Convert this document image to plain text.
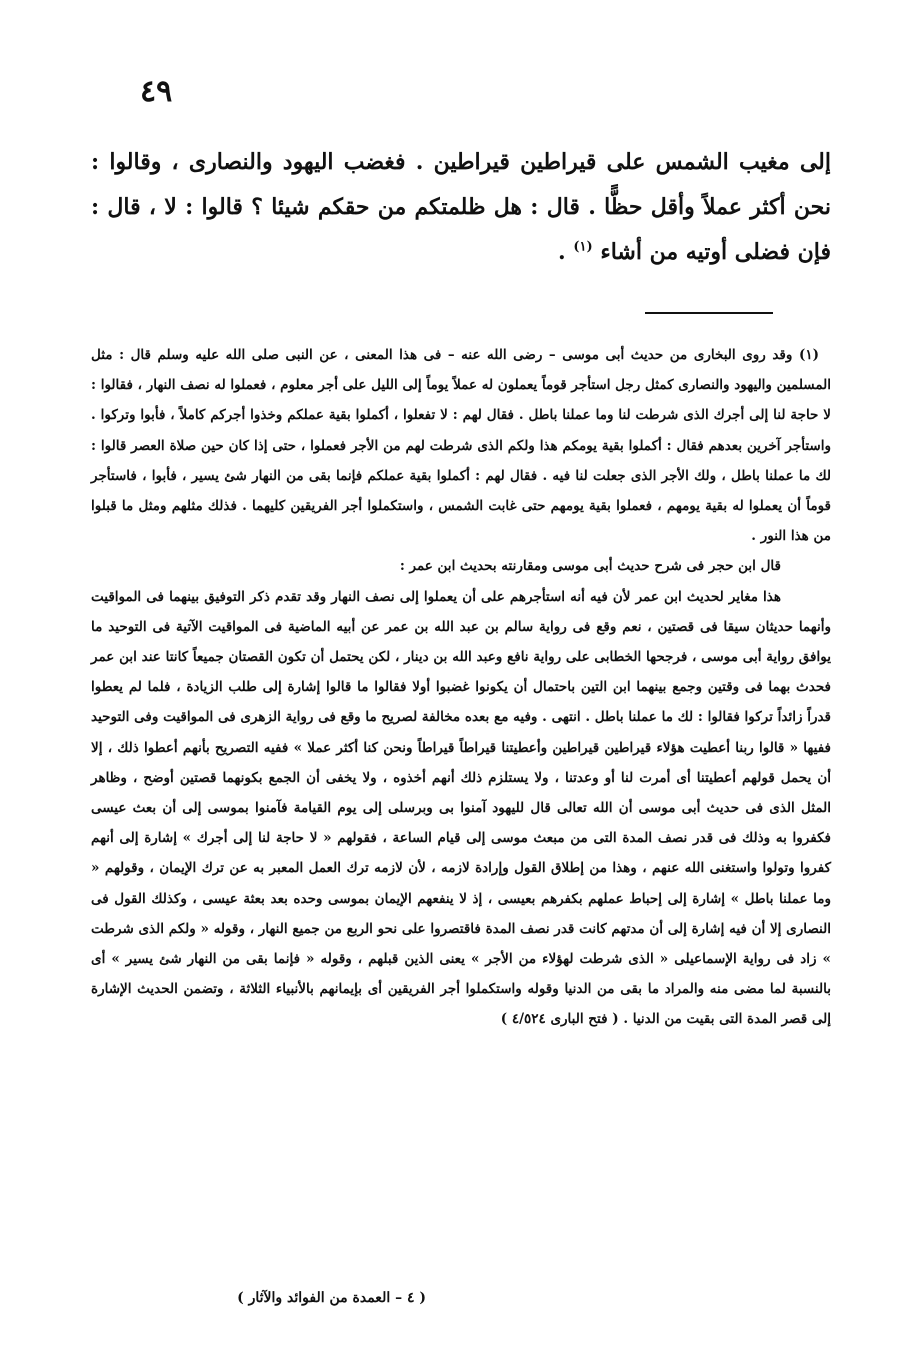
٤٩

إلى مغيب الشمس على قيراطين قيراطين . فغضب اليهود والنصارى ، وقالوا : نحن أكثر عملاً وأقل حظًّا . قال : هل ظلمتكم من حقكم شيئا ؟ قالوا : لا ، قال : فإن فضلى أوتيه من أشاء $^{(١)}$ .

(١) وقد روى البخارى من حديث أبى موسى – رضى الله عنه – فى هذا المعنى ، عن النبى صلى الله عليه وسلم قال : مثل المسلمين واليهود والنصارى كمثل رجل استأجر قوماً يعملون له عملاً يوماً إلى الليل على أجر معلوم ، فعملوا له نصف النهار ، فقالوا : لا حاجة لنا إلى أجرك الذى شرطت لنا وما عملنا باطل . فقال لهم : لا تفعلوا ، أكملوا بقية عملكم وخذوا أجركم كاملاً ، فأبوا وتركوا . واستأجر آخرين بعدهم فقال : أكملوا بقية يومكم هذا ولكم الذى شرطت لهم من الأجر فعملوا ، حتى إذا كان حين صلاة العصر قالوا : لك ما عملنا باطل ، ولك الأجر الذى جعلت لنا فيه . فقال لهم : أكملوا بقية عملكم فإنما بقى من النهار شئ يسير ، فأبوا ، فاستأجر قوماً أن يعملوا له بقية يومهم ، فعملوا بقية يومهم حتى غابت الشمس ، واستكملوا أجر الفريقين كليهما . فذلك مثلهم ومثل ما قبلوا من هذا النور .

قال ابن حجر فى شرح حديث أبى موسى ومقارنته بحديث ابن عمر :

هذا مغاير لحديث ابن عمر لأن فيه أنه استأجرهم على أن يعملوا إلى نصف النهار وقد تقدم ذكر التوفيق بينهما فى المواقيت وأنهما حديثان سيقا فى قصتين ، نعم وقع فى رواية سالم بن عبد الله بن عمر عن أبيه الماضية فى المواقيت الآتية فى التوحيد ما يوافق رواية أبى موسى ، فرجحها الخطابى على رواية نافع وعبد الله بن دينار ، لكن يحتمل أن تكون القصتان جميعاً كانتا عند ابن عمر فحدث بهما فى وقتين وجمع بينهما ابن التين باحتمال أن يكونوا غضبوا أولا فقالوا ما قالوا إشارة إلى طلب الزيادة ، فلما لم يعطوا قدراً زائداً تركوا فقالوا : لك ما عملنا باطل . انتهى . وفيه مع بعده مخالفة لصريح ما وقع فى رواية الزهرى فى المواقيت وفى التوحيد ففيها « قالوا ربنا أعطيت هؤلاء قيراطين قيراطين وأعطيتنا قيراطاً قيراطاً ونحن كنا أكثر عملا » ففيه التصريح بأنهم أعطوا ذلك ، إلا أن يحمل قولهم أعطيتنا أى أمرت لنا أو وعدتنا ، ولا يستلزم ذلك أنهم أخذوه ، ولا يخفى أن الجمع بكونهما قصتين أوضح ، وظاهر المثل الذى فى حديث أبى موسى أن الله تعالى قال لليهود آمنوا بى وبرسلى إلى يوم القيامة فآمنوا بموسى إلى أن بعث عيسى فكفروا به وذلك فى قدر نصف المدة التى من مبعث موسى إلى قيام الساعة ، فقولهم « لا حاجة لنا إلى أجرك » إشارة إلى أنهم كفروا وتولوا واستغنى الله عنهم ، وهذا من إطلاق القول وإرادة لازمه ، لأن لازمه ترك العمل المعبر به عن ترك الإيمان ، وقولهم « وما عملنا باطل » إشارة إلى إحباط عملهم بكفرهم بعيسى ، إذ لا ينفعهم الإيمان بموسى وحده بعد بعثة عيسى ، وكذلك القول فى النصارى إلا أن فيه إشارة إلى أن مدتهم كانت قدر نصف المدة فاقتصروا على نحو الربع من جميع النهار ، وقوله « ولكم الذى شرطت » زاد فى رواية الإسماعيلى « الذى شرطت لهؤلاء من الأجر » يعنى الذين قبلهم ، وقوله « فإنما بقى من النهار شئ يسير » أى بالنسبة لما مضى منه والمراد ما بقى من الدنيا وقوله واستكملوا أجر الفريقين أى بإيمانهم بالأنبياء الثلاثة ، وتضمن الحديث الإشارة إلى قصر المدة التى بقيت من الدنيا . ( فتح البارى ٤/٥٢٤ )

( ٤ – العمدة من الفوائد والآثار )
